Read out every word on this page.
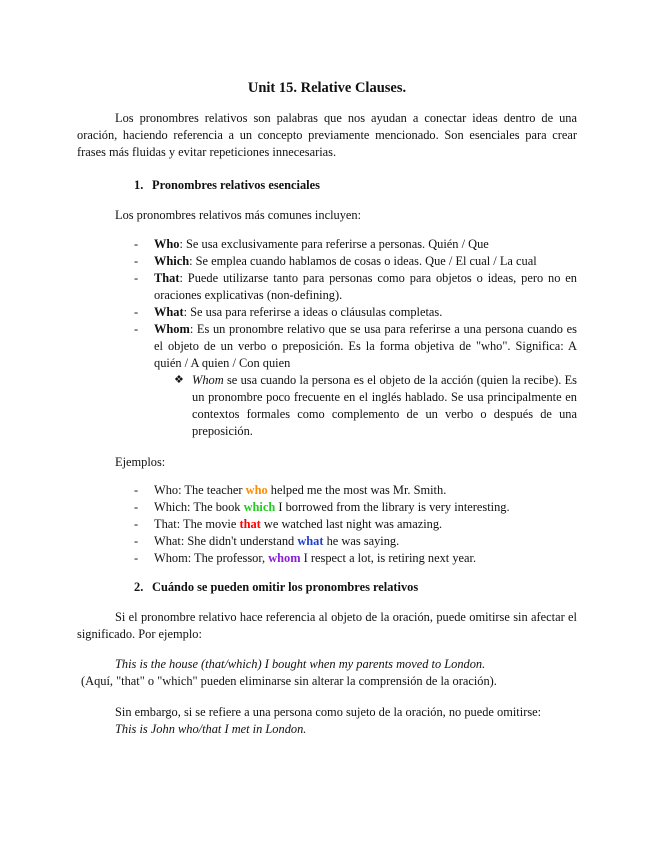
Unit 15. Relative Clauses.
Los pronombres relativos son palabras que nos ayudan a conectar ideas dentro de una oración, haciendo referencia a un concepto previamente mencionado. Son esenciales para crear frases más fluidas y evitar repeticiones innecesarias.
1. Pronombres relativos esenciales
Los pronombres relativos más comunes incluyen:
- Who: Se usa exclusivamente para referirse a personas. Quién / Que
- Which: Se emplea cuando hablamos de cosas o ideas. Que / El cual / La cual
- That: Puede utilizarse tanto para personas como para objetos o ideas, pero no en oraciones explicativas (non-defining).
- What: Se usa para referirse a ideas o cláusulas completas.
- Whom: Es un pronombre relativo que se usa para referirse a una persona cuando es el objeto de un verbo o preposición. Es la forma objetiva de "who". Significa: A quién / A quien / Con quien
❖ Whom se usa cuando la persona es el objeto de la acción (quien la recibe). Es un pronombre poco frecuente en el inglés hablado. Se usa principalmente en contextos formales como complemento de un verbo o después de una preposición.
Ejemplos:
- Who: The teacher who helped me the most was Mr. Smith.
- Which: The book which I borrowed from the library is very interesting.
- That: The movie that we watched last night was amazing.
- What: She didn't understand what he was saying.
- Whom: The professor, whom I respect a lot, is retiring next year.
2. Cuándo se pueden omitir los pronombres relativos
Si el pronombre relativo hace referencia al objeto de la oración, puede omitirse sin afectar el significado. Por ejemplo:
This is the house (that/which) I bought when my parents moved to London.
(Aquí, "that" o "which" pueden eliminarse sin alterar la comprensión de la oración).
Sin embargo, si se refiere a una persona como sujeto de la oración, no puede omitirse:
This is John who/that I met in London.
